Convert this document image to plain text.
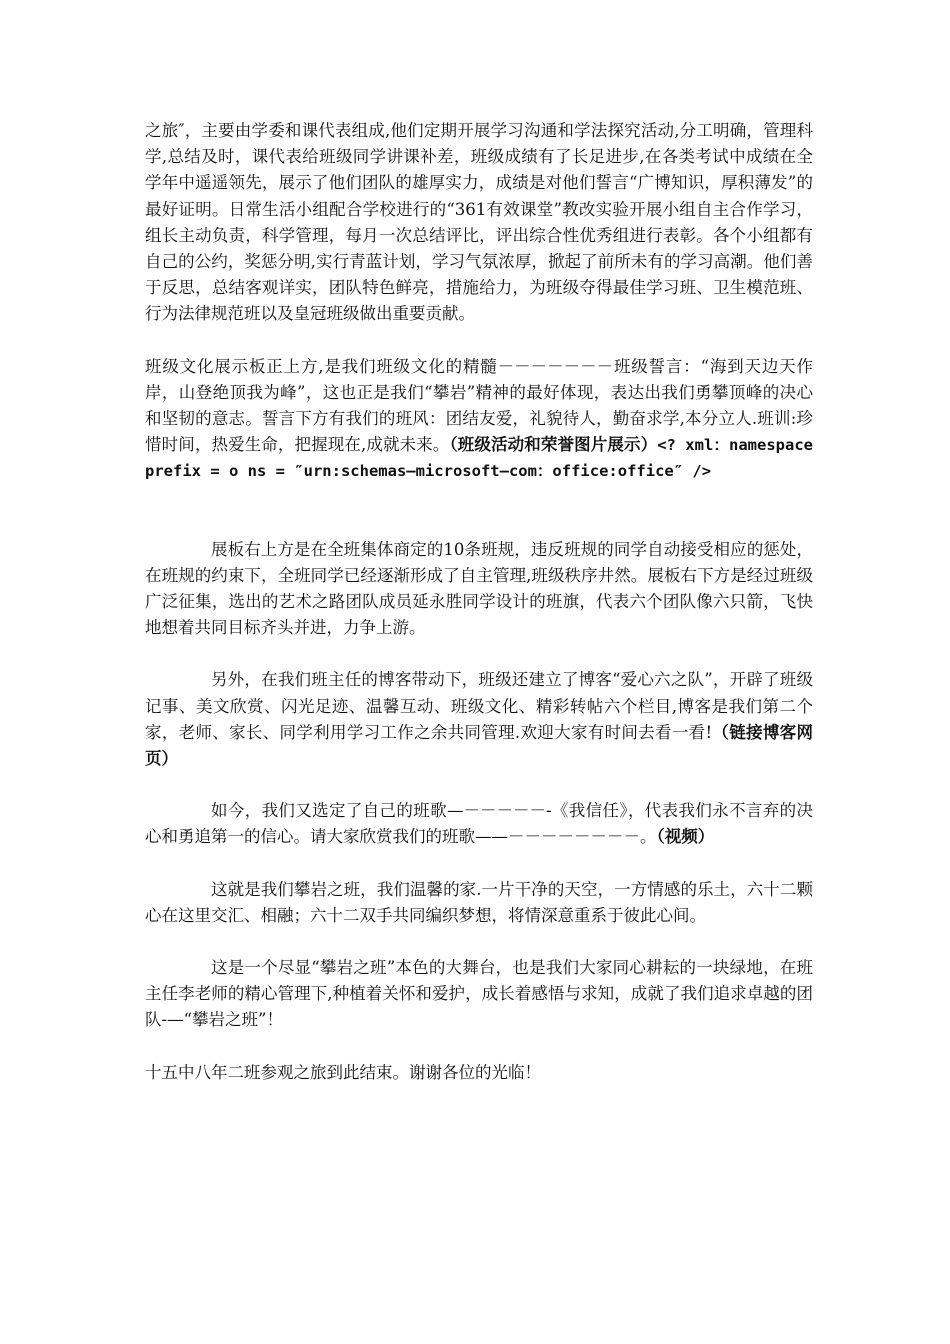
之旅″，主要由学委和课代表组成,他们定期开展学习沟通和学法探究活动,分工明确，管理科学,总结及时，课代表给班级同学讲课补差，班级成绩有了长足进步,在各类考试中成绩在全学年中遥遥领先，展示了他们团队的雄厚实力，成绩是对他们誓言“广博知识，厚积薄发”的最好证明。日常生活小组配合学校进行的“361有效课堂”教改实验开展小组自主合作学习，组长主动负责，科学管理，每月一次总结评比，评出综合性优秀组进行表彰。各个小组都有自己的公约，奖惩分明,实行青蓝计划，学习气氛浓厚，掀起了前所未有的学习高潮。他们善于反思，总结客观详实，团队特色鲜亮，措施给力，为班级夺得最佳学习班、卫生模范班、行为法律规范班以及皇冠班级做出重要贡献。

班级文化展示板正上方,是我们班级文化的精髓－－－－－－－班级誓言：“海到天边天作岸，山登绝顶我为峰”，这也正是我们“攀岩”精神的最好体现，表达出我们勇攀顶峰的决心和坚韧的意志。誓言下方有我们的班风：团结友爱，礼貌待人，勤奋求学,本分立人.班训:珍惜时间，热爱生命，把握现在,成就未来。（班级活动和荣誉图片展示）<? xml：namespace prefix = o ns = ″urn:schemas—microsoft—com：office:office″ />

展板右上方是在全班集体商定的10条班规，违反班规的同学自动接受相应的惩处，在班规的约束下，全班同学已经逐渐形成了自主管理,班级秩序井然。展板右下方是经过班级广泛征集，选出的艺术之路团队成员延永胜同学设计的班旗，代表六个团队像六只箭，飞快地想着共同目标齐头并进，力争上游。

另外，在我们班主任的博客带动下，班级还建立了博客“爱心六之队”，开辟了班级记事、美文欣赏、闪光足迹、温馨互动、班级文化、精彩转帖六个栏目,博客是我们第二个家，老师、家长、同学利用学习工作之余共同管理.欢迎大家有时间去看一看!（链接博客网页）

如今，我们又选定了自己的班歌—－－－－－-《我信任》，代表我们永不言弃的决心和勇追第一的信心。请大家欣赏我们的班歌——－－－－－－－－。（视频）

这就是我们攀岩之班，我们温馨的家.一片干净的天空，一方情感的乐土，六十二颗心在这里交汇、相融；六十二双手共同编织梦想，将情深意重系于彼此心间。

这是一个尽显“攀岩之班”本色的大舞台，也是我们大家同心耕耘的一块绿地，在班主任李老师的精心管理下,种植着关怀和爱护，成长着感悟与求知，成就了我们追求卓越的团队-—“攀岩之班”！

十五中八年二班参观之旅到此结束。谢谢各位的光临！
